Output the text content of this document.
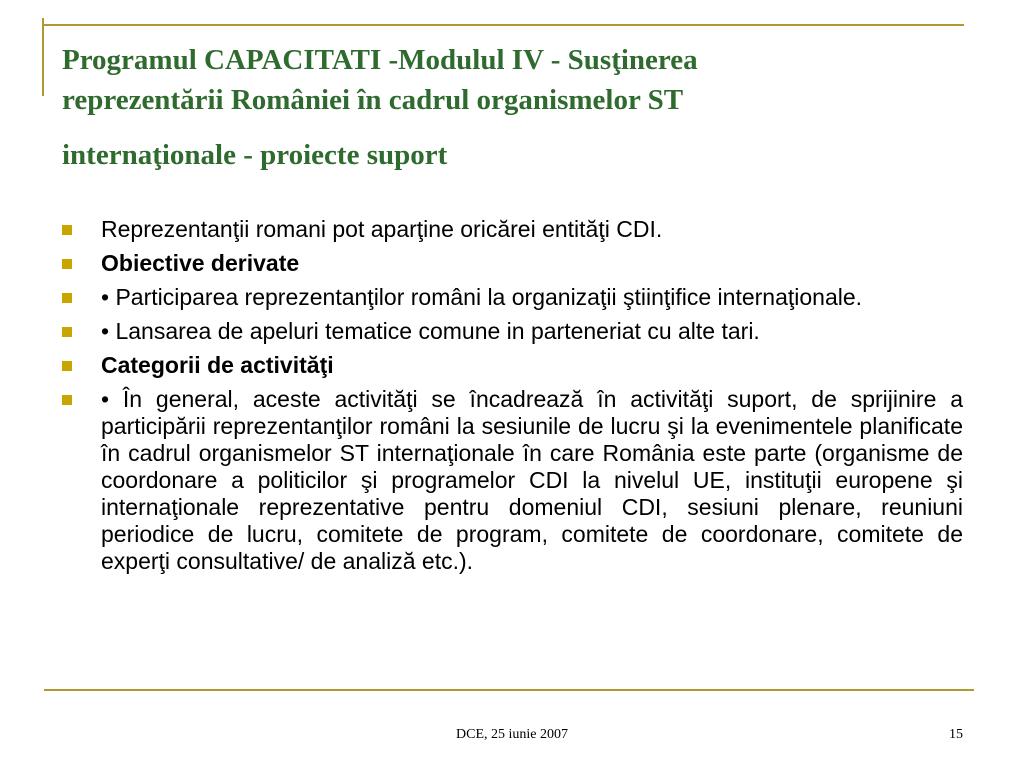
Programul CAPACITATI -Modulul IV - Susţinerea
reprezentării României în cadrul organismelor ST
internaţionale - proiecte suport
Reprezentanţii romani pot aparţine oricărei entităţi CDI.
Obiective derivate
• Participarea reprezentanţilor români la organizaţii ştiinţifice internaţionale.
• Lansarea de apeluri tematice comune in parteneriat cu alte tari.
Categorii de activităţi
• În general, aceste activităţi se încadrează în activităţi suport, de sprijinire a participării reprezentanţilor români la sesiunile de lucru şi la evenimentele planificate în cadrul organismelor ST internaţionale în care România este parte (organisme de coordonare a politicilor şi programelor CDI la nivelul UE, instituţii europene şi internaţionale reprezentative pentru domeniul CDI, sesiuni plenare, reuniuni periodice de lucru, comitete de program, comitete de coordonare, comitete de experţi consultative/ de analiză etc.).
DCE, 25 iunie 2007	15
